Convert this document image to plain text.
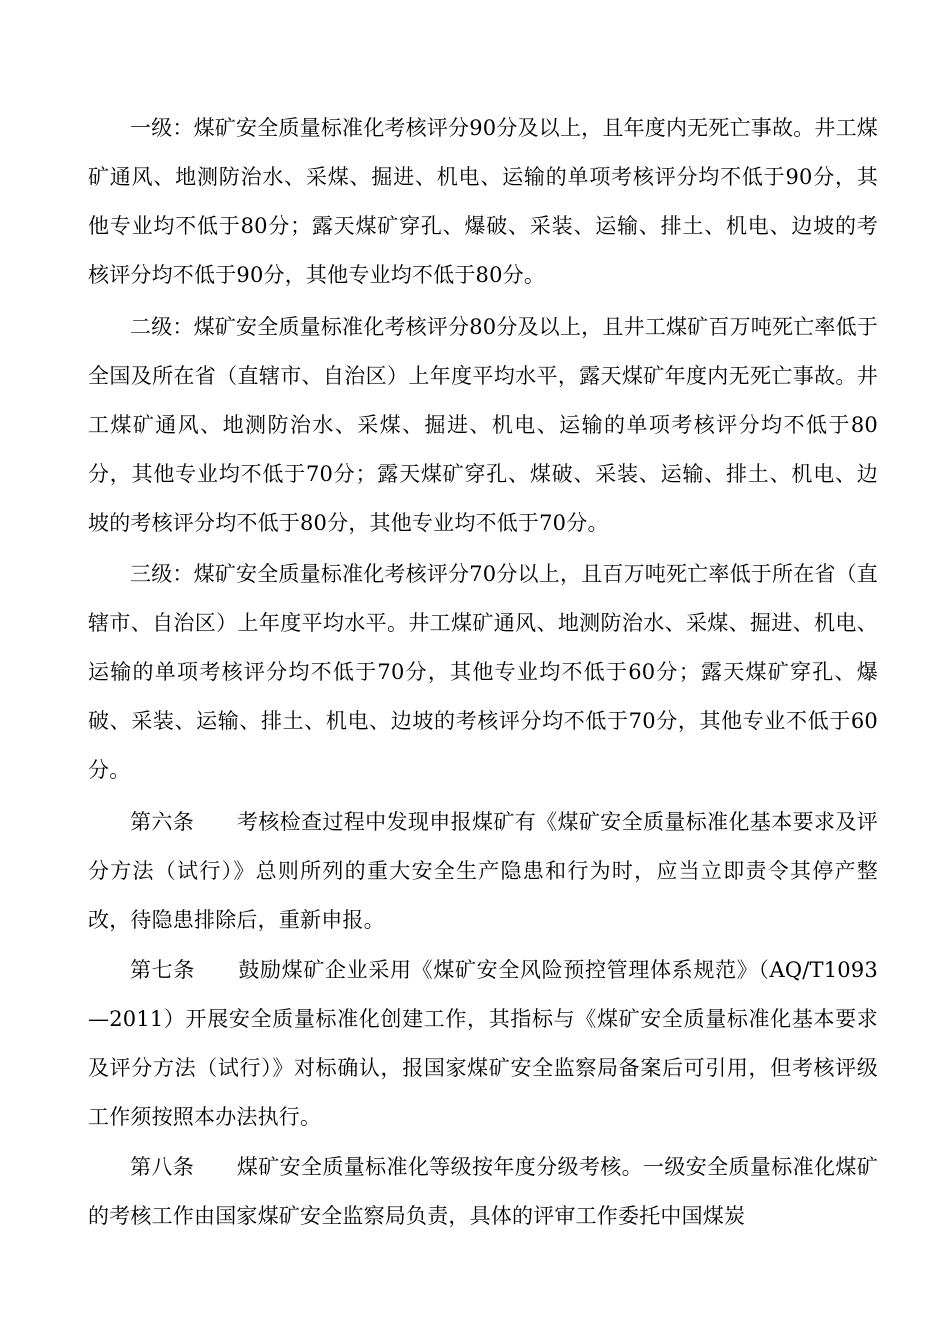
一级：煤矿安全质量标准化考核评分90分及以上，且年度内无死亡事故。井工煤矿通风、地测防治水、采煤、掘进、机电、运输的单项考核评分均不低于90分，其他专业均不低于80分；露天煤矿穿孔、爆破、采装、运输、排土、机电、边坡的考核评分均不低于90分，其他专业均不低于80分。

二级：煤矿安全质量标准化考核评分80分及以上，且井工煤矿百万吨死亡率低于全国及所在省（直辖市、自治区）上年度平均水平，露天煤矿年度内无死亡事故。井工煤矿通风、地测防治水、采煤、掘进、机电、运输的单项考核评分均不低于80分，其他专业均不低于70分；露天煤矿穿孔、煤破、采装、运输、排土、机电、边坡的考核评分均不低于80分，其他专业均不低于70分。

三级：煤矿安全质量标准化考核评分70分以上，且百万吨死亡率低于所在省（直辖市、自治区）上年度平均水平。井工煤矿通风、地测防治水、采煤、掘进、机电、运输的单项考核评分均不低于70分，其他专业均不低于60分；露天煤矿穿孔、爆破、采装、运输、排土、机电、边坡的考核评分均不低于70分，其他专业不低于60分。

第六条　　考核检查过程中发现申报煤矿有《煤矿安全质量标准化基本要求及评分方法（试行）》总则所列的重大安全生产隐患和行为时，应当立即责令其停产整改，待隐患排除后，重新申报。

第七条　　鼓励煤矿企业采用《煤矿安全风险预控管理体系规范》（AQ/T1093—2011）开展安全质量标准化创建工作，其指标与《煤矿安全质量标准化基本要求及评分方法（试行）》对标确认，报国家煤矿安全监察局备案后可引用，但考核评级工作须按照本办法执行。

第八条　　煤矿安全质量标准化等级按年度分级考核。一级安全质量标准化煤矿的考核工作由国家煤矿安全监察局负责，具体的评审工作委托中国煤炭
